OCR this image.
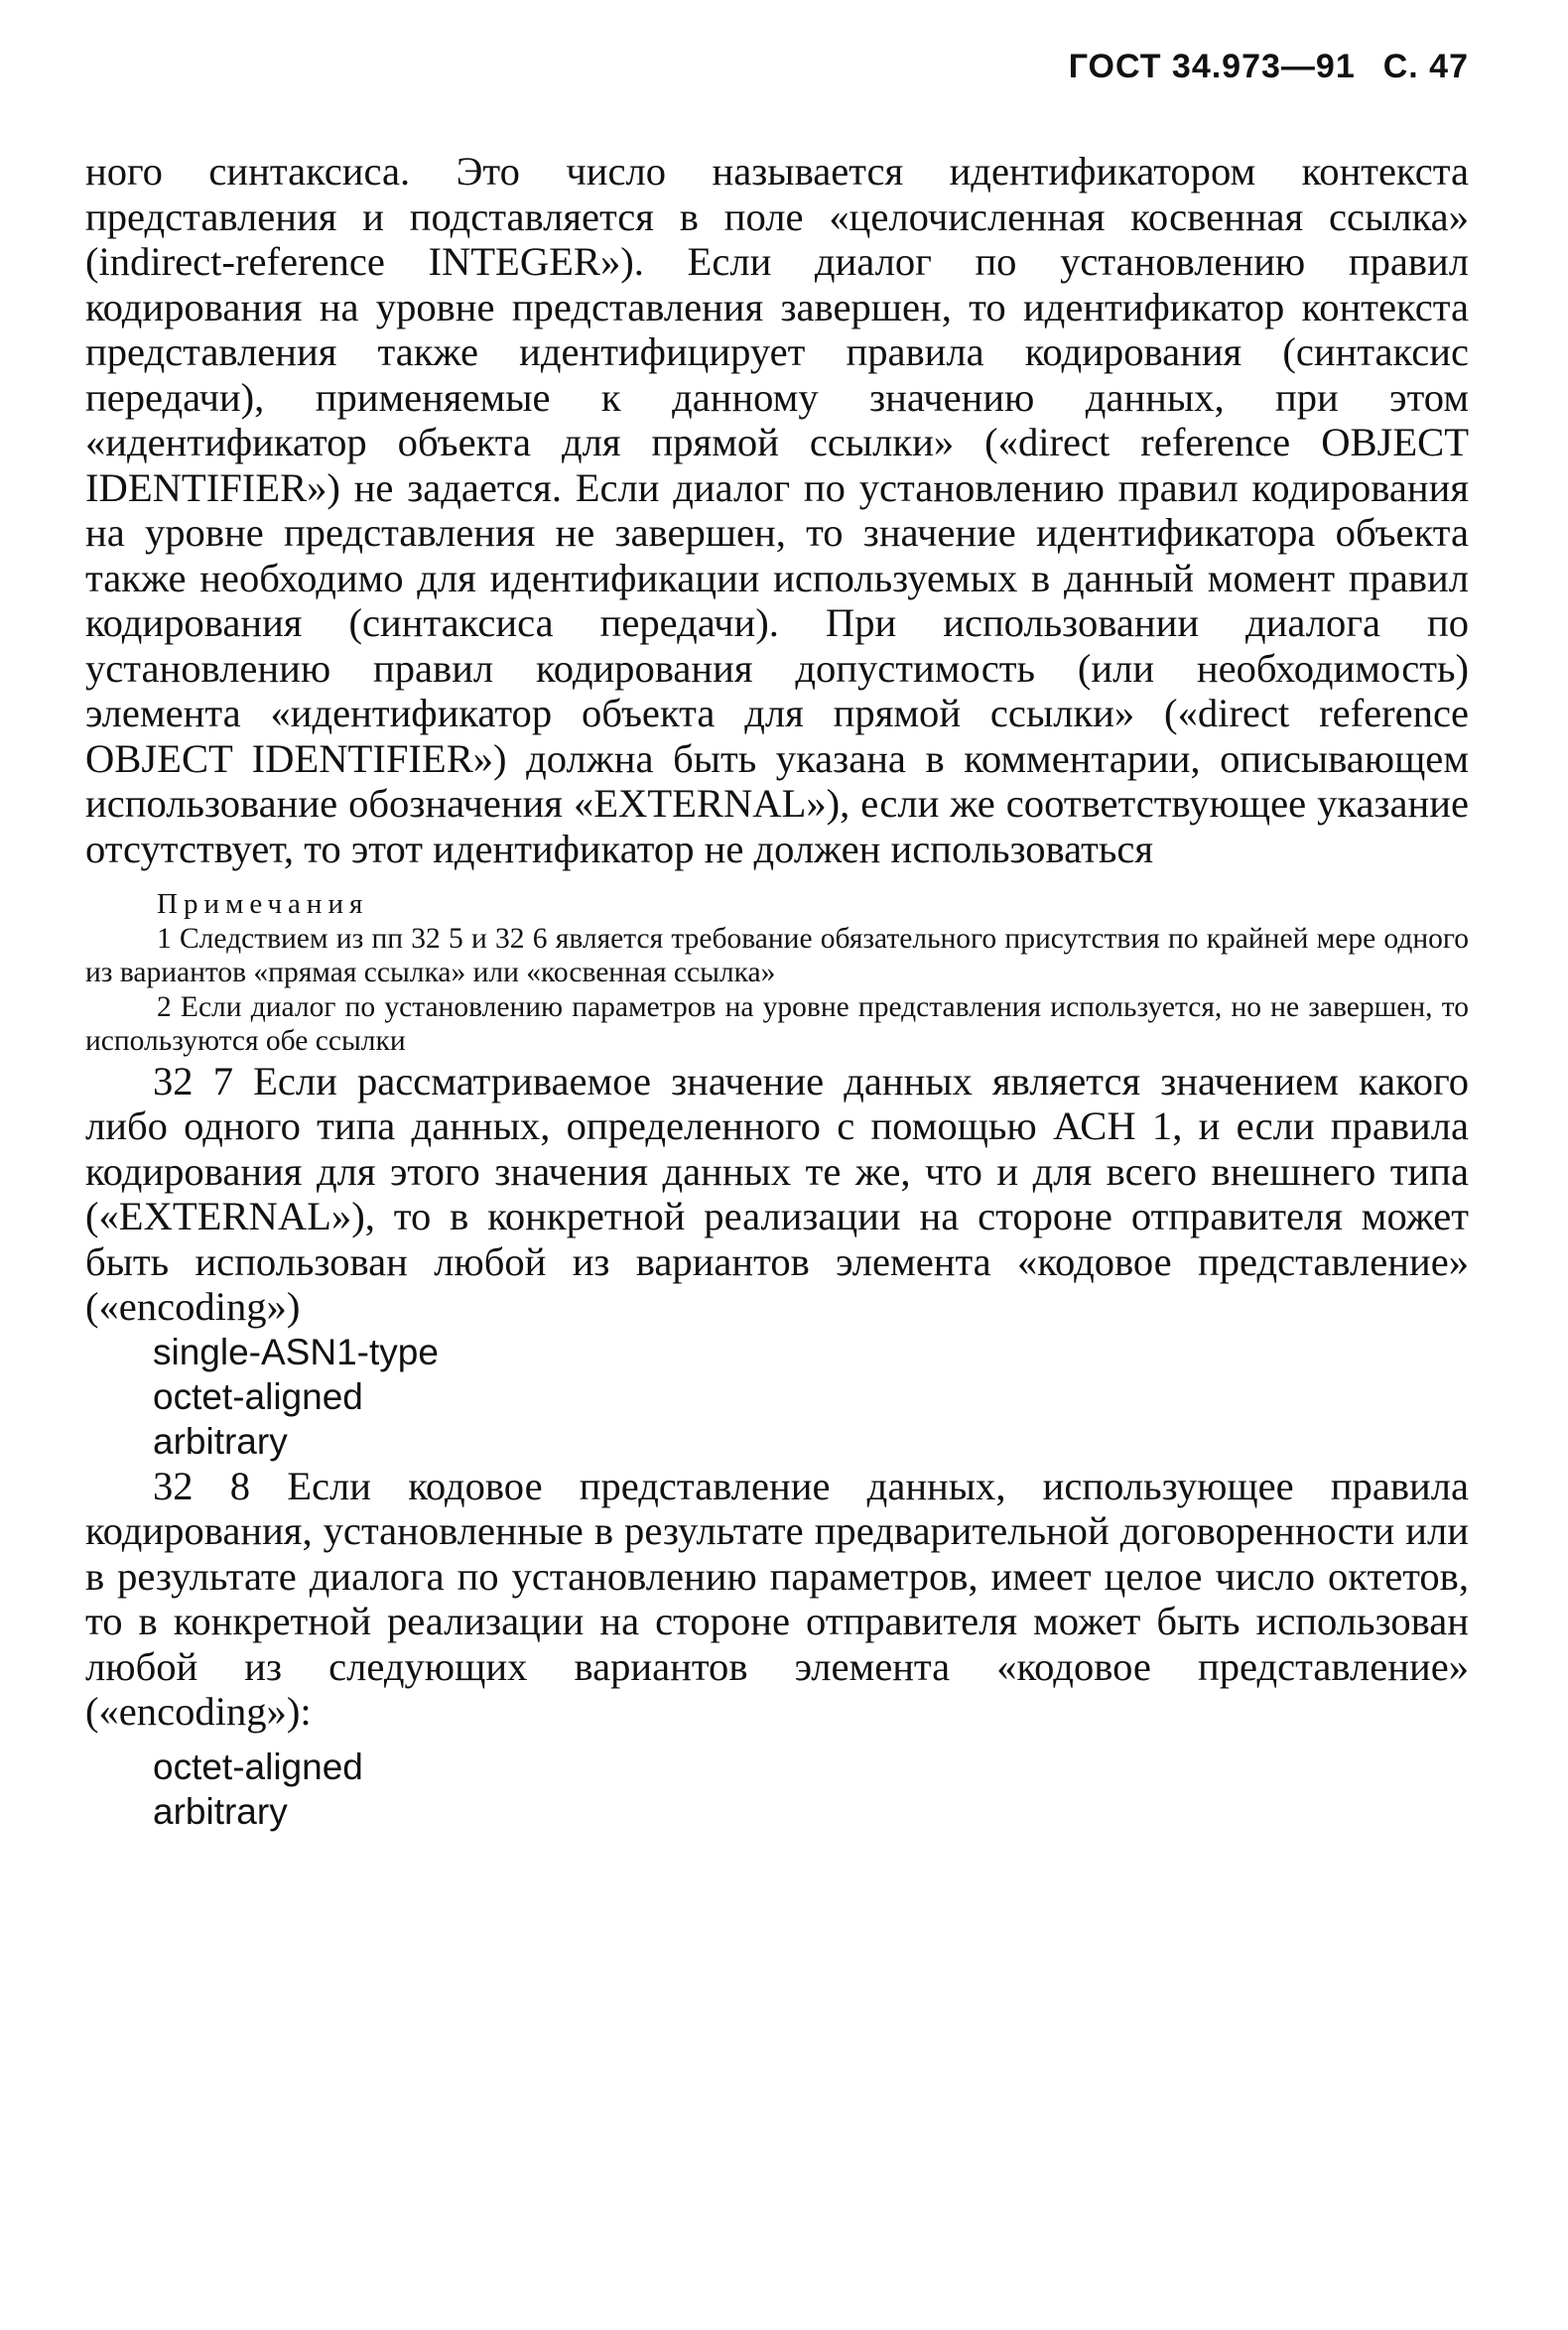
ГОСТ 34.973—91 С. 47

ного синтаксиса. Это число называется идентификатором контекста представления и подставляется в поле «целочисленная косвенная ссылка» (indirect-reference INTEGER»). Если диалог по установлению правил кодирования на уровне представления завершен, то идентификатор контекста представления также идентифицирует правила кодирования (синтаксис передачи), применяемые к данному значению данных, при этом «идентификатор объекта для прямой ссылки» («direct reference OBJECT IDENTIFIER») не задается. Если диалог по установлению правил кодирования на уровне представления не завершен, то значение идентификатора объекта также необходимо для идентификации используемых в данный момент правил кодирования (синтаксиса передачи). При использовании диалога по установлению правил кодирования допустимость (или необходимость) элемента «идентификатор объекта для прямой ссылки» («direct reference OBJECT IDENTIFIER») должна быть указана в комментарии, описывающем использование обозначения «EXTERNAL»), если же соответствующее указание отсутствует, то этот идентификатор не должен использоваться

Примечания

1 Следствием из пп 32 5 и 32 6 является требование обязательного присутствия по крайней мере одного из вариантов «прямая ссылка» или «косвенная ссылка»

2 Если диалог по установлению параметров на уровне представления используется, но не завершен, то используются обе ссылки

32 7 Если рассматриваемое значение данных является значением какого либо одного типа данных, определенного с помощью АСН 1, и если правила кодирования для этого значения данных те же, что и для всего внешнего типа («EXTERNAL»), то в конкретной реализации на стороне отправителя может быть использован любой из вариантов элемента «кодовое представление» («encoding»)

single-ASN1-type
octet-aligned
arbitrary

32 8 Если кодовое представление данных, использующее правила кодирования, установленные в результате предварительной договоренности или в результате диалога по установлению параметров, имеет целое число октетов, то в конкретной реализации на стороне отправителя может быть использован любой из следующих вариантов элемента «кодовое представление» («encoding»):

octet-aligned
arbitrary
